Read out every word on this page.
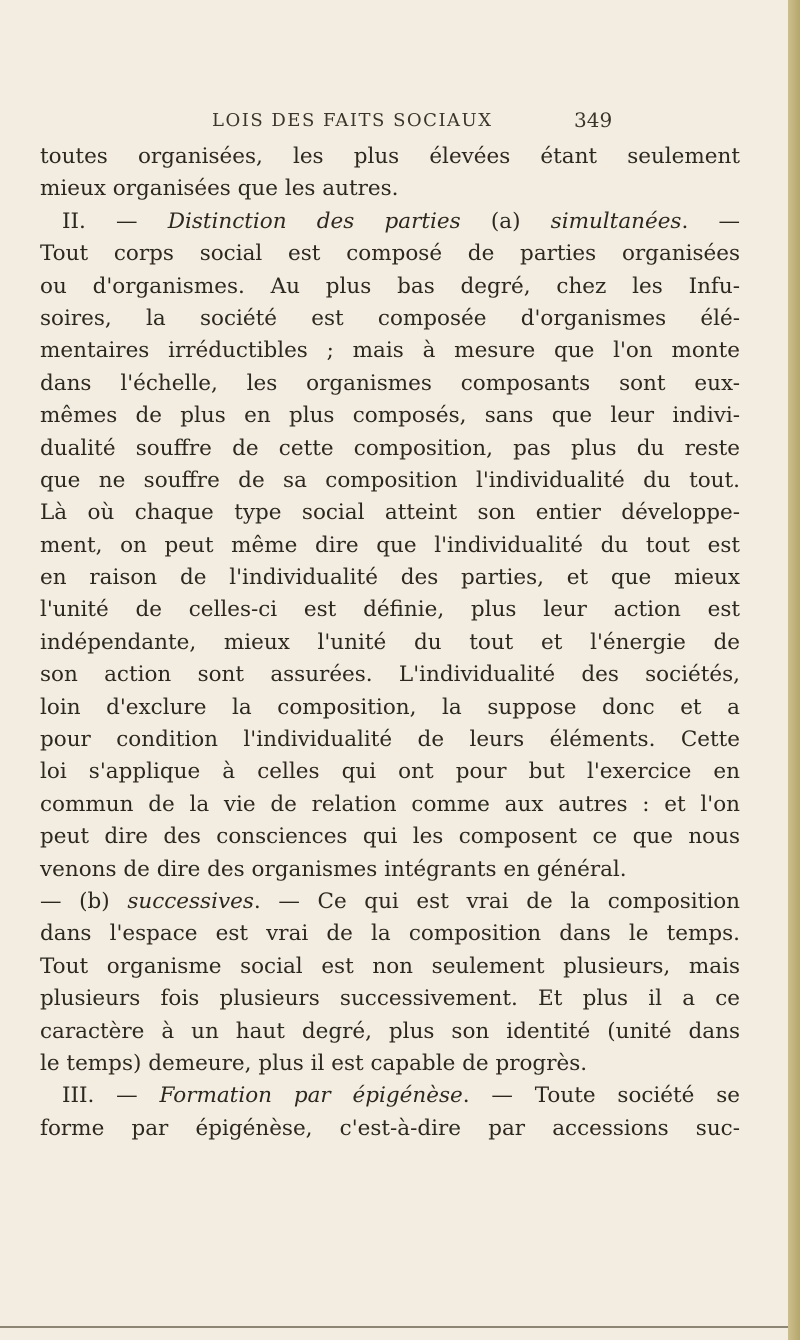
LOIS DES FAITS SOCIAUX	349
toutes organisées, les plus élevées étant seulement
mieux organisées que les autres.
II. — Distinction des parties (a) simultanées. —
Tout corps social est composé de parties organisées
ou d'organismes. Au plus bas degré, chez les Infu-
soires, la société est composée d'organismes élé-
mentaires irréductibles ; mais à mesure que l'on monte
dans l'échelle, les organismes composants sont eux-
mêmes de plus en plus composés, sans que leur indivi-
dualité souffre de cette composition, pas plus du reste
que ne souffre de sa composition l'individualité du tout.
Là où chaque type social atteint son entier développe-
ment, on peut même dire que l'individualité du tout est
en raison de l'individualité des parties, et que mieux
l'unité de celles-ci est définie, plus leur action est
indépendante, mieux l'unité du tout et l'énergie de
son action sont assurées. L'individualité des sociétés,
loin d'exclure la composition, la suppose donc et a
pour condition l'individualité de leurs éléments. Cette
loi s'applique à celles qui ont pour but l'exercice en
commun de la vie de relation comme aux autres : et l'on
peut dire des consciences qui les composent ce que nous
venons de dire des organismes intégrants en général.
— (b) successives. — Ce qui est vrai de la composition
dans l'espace est vrai de la composition dans le temps.
Tout organisme social est non seulement plusieurs, mais
plusieurs fois plusieurs successivement. Et plus il a ce
caractère à un haut degré, plus son identité (unité dans
le temps) demeure, plus il est capable de progrès.
III. — Formation par épigénèse. — Toute société se
forme par épigénèse, c'est-à-dire par accessions suc-
